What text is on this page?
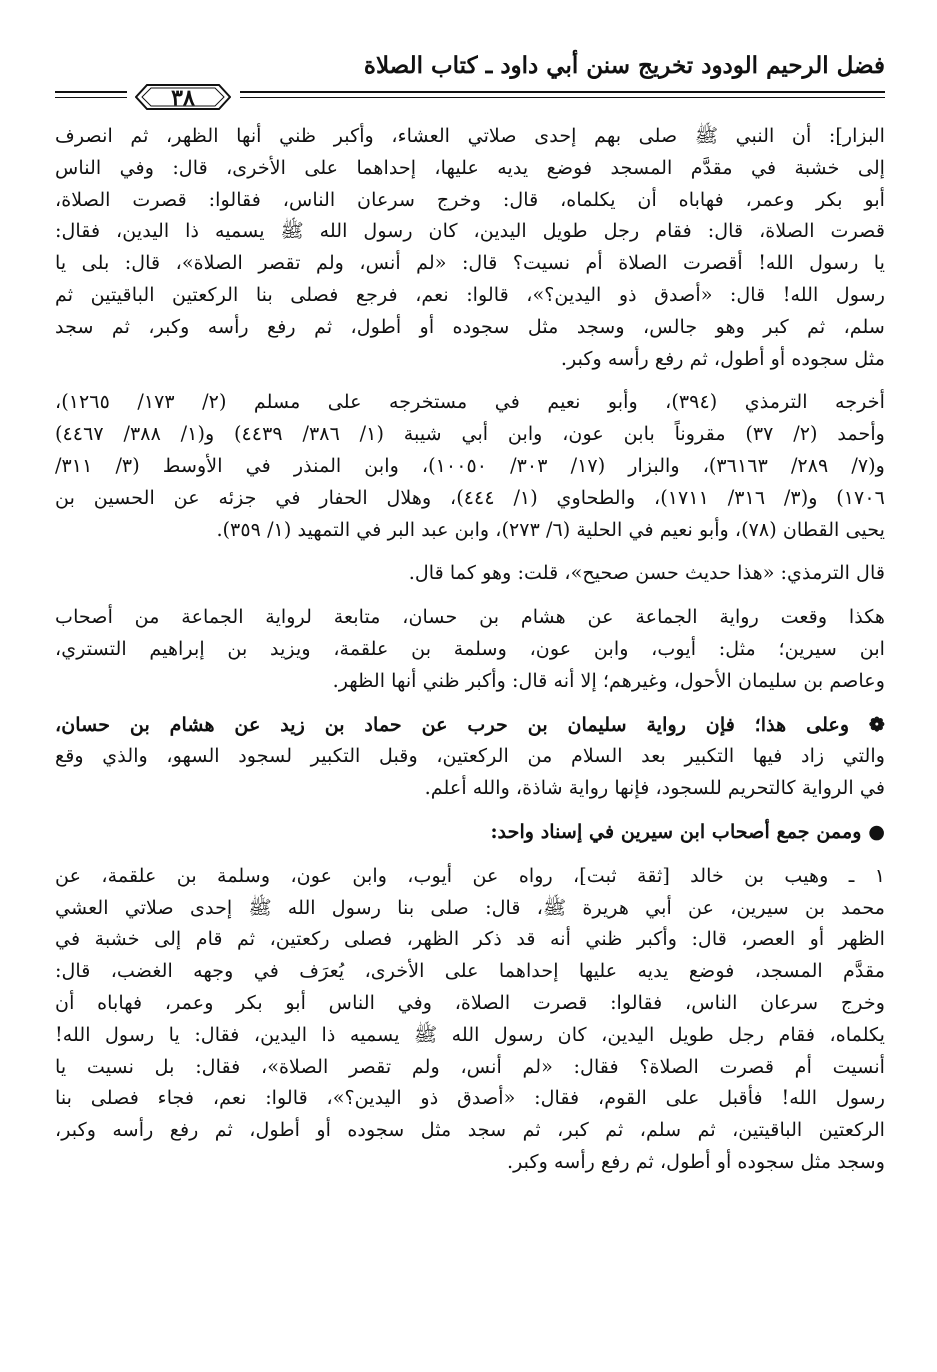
فضل الرحيم الودود تخريج سنن أبي داود ـ كتاب الصلاة
٣٨

البزار]: أن النبي ﷺ صلى بهم إحدى صلاتي العشاء، وأكبر ظني أنها الظهر، ثم انصرف
إلى خشبة في مقدَّم المسجد فوضع يديه عليها، إحداهما على الأخرى، قال: وفي الناس
أبو بكر وعمر، فهاباه أن يكلماه، قال: وخرج سرعان الناس، فقالوا: قصرت الصلاة،
قصرت الصلاة، قال: فقام رجل طويل اليدين، كان رسول الله ﷺ يسميه ذا اليدين، فقال:
يا رسول الله! أقصرت الصلاة أم نسيت؟ قال: «لم أنس، ولم تقصر الصلاة»، قال: بلى يا
رسول الله! قال: «أصدق ذو اليدين؟»، قالوا: نعم، فرجع فصلى بنا الركعتين الباقيتين ثم
سلم، ثم كبر وهو جالس، وسجد مثل سجوده أو أطول، ثم رفع رأسه وكبر، ثم سجد
مثل سجوده أو أطول، ثم رفع رأسه وكبر.

أخرجه الترمذي (٣٩٤)، وأبو نعيم في مستخرجه على مسلم (٢/ ١٧٣/ ١٢٦٥)،
وأحمد (٢/ ٣٧) مقروناً بابن عون، وابن أبي شيبة (١/ ٣٨٦/ ٤٤٣٩) و(١/ ٣٨٨/ ٤٤٦٧)
و(٧/ ٢٨٩/ ٣٦١٦٣)، والبزار (١٧/ ٣٠٣/ ١٠٠٥٠)، وابن المنذر في الأوسط (٣/ ٣١١/
١٧٠٦) و(٣/ ٣١٦/ ١٧١١)، والطحاوي (١/ ٤٤٤)، وهلال الحفار في جزئه عن الحسين بن
يحيى القطان (٧٨)، وأبو نعيم في الحلية (٦/ ٢٧٣)، وابن عبد البر في التمهيد (١/ ٣٥٩).

قال الترمذي: «هذا حديث حسن صحيح»، قلت: وهو كما قال.

هكذا وقعت رواية الجماعة عن هشام بن حسان، متابعة لرواية الجماعة من أصحاب
ابن سيرين؛ مثل: أيوب، وابن عون، وسلمة بن علقمة، ويزيد بن إبراهيم التستري،
وعاصم بن سليمان الأحول، وغيرهم؛ إلا أنه قال: وأكبر ظني أنها الظهر.

❁ وعلى هذا؛ فإن رواية سليمان بن حرب عن حماد بن زيد عن هشام بن حسان،
والتي زاد فيها التكبير بعد السلام من الركعتين، وقبل التكبير لسجود السهو، والذي وقع
في الرواية كالتحريم للسجود، فإنها رواية شاذة، والله أعلم.

● وممن جمع أصحاب ابن سيرين في إسناد واحد:

١ ـ وهيب بن خالد [ثقة ثبت]، رواه عن أيوب، وابن عون، وسلمة بن علقمة، عن
محمد بن سيرين، عن أبي هريرة ﷺ، قال: صلى بنا رسول الله ﷺ إحدى صلاتي العشي
الظهر أو العصر، قال: وأكبر ظني أنه قد ذكر الظهر، فصلى ركعتين، ثم قام إلى خشبة في
مقدَّم المسجد، فوضع يديه عليها إحداهما على الأخرى، يُعرَف في وجهه الغضب، قال:
وخرج سرعان الناس، فقالوا: قصرت الصلاة، وفي الناس أبو بكر وعمر، فهاباه أن
يكلماه، فقام رجل طويل اليدين، كان رسول الله ﷺ يسميه ذا اليدين، فقال: يا رسول الله!
أنسيت أم قصرت الصلاة؟ فقال: «لم أنس، ولم تقصر الصلاة»، فقال: بل نسيت يا
رسول الله! فأقبل على القوم، فقال: «أصدق ذو اليدين؟»، قالوا: نعم، فجاء فصلى بنا
الركعتين الباقيتين، ثم سلم، ثم كبر، ثم سجد مثل سجوده أو أطول، ثم رفع رأسه وكبر،
وسجد مثل سجوده أو أطول، ثم رفع رأسه وكبر.
